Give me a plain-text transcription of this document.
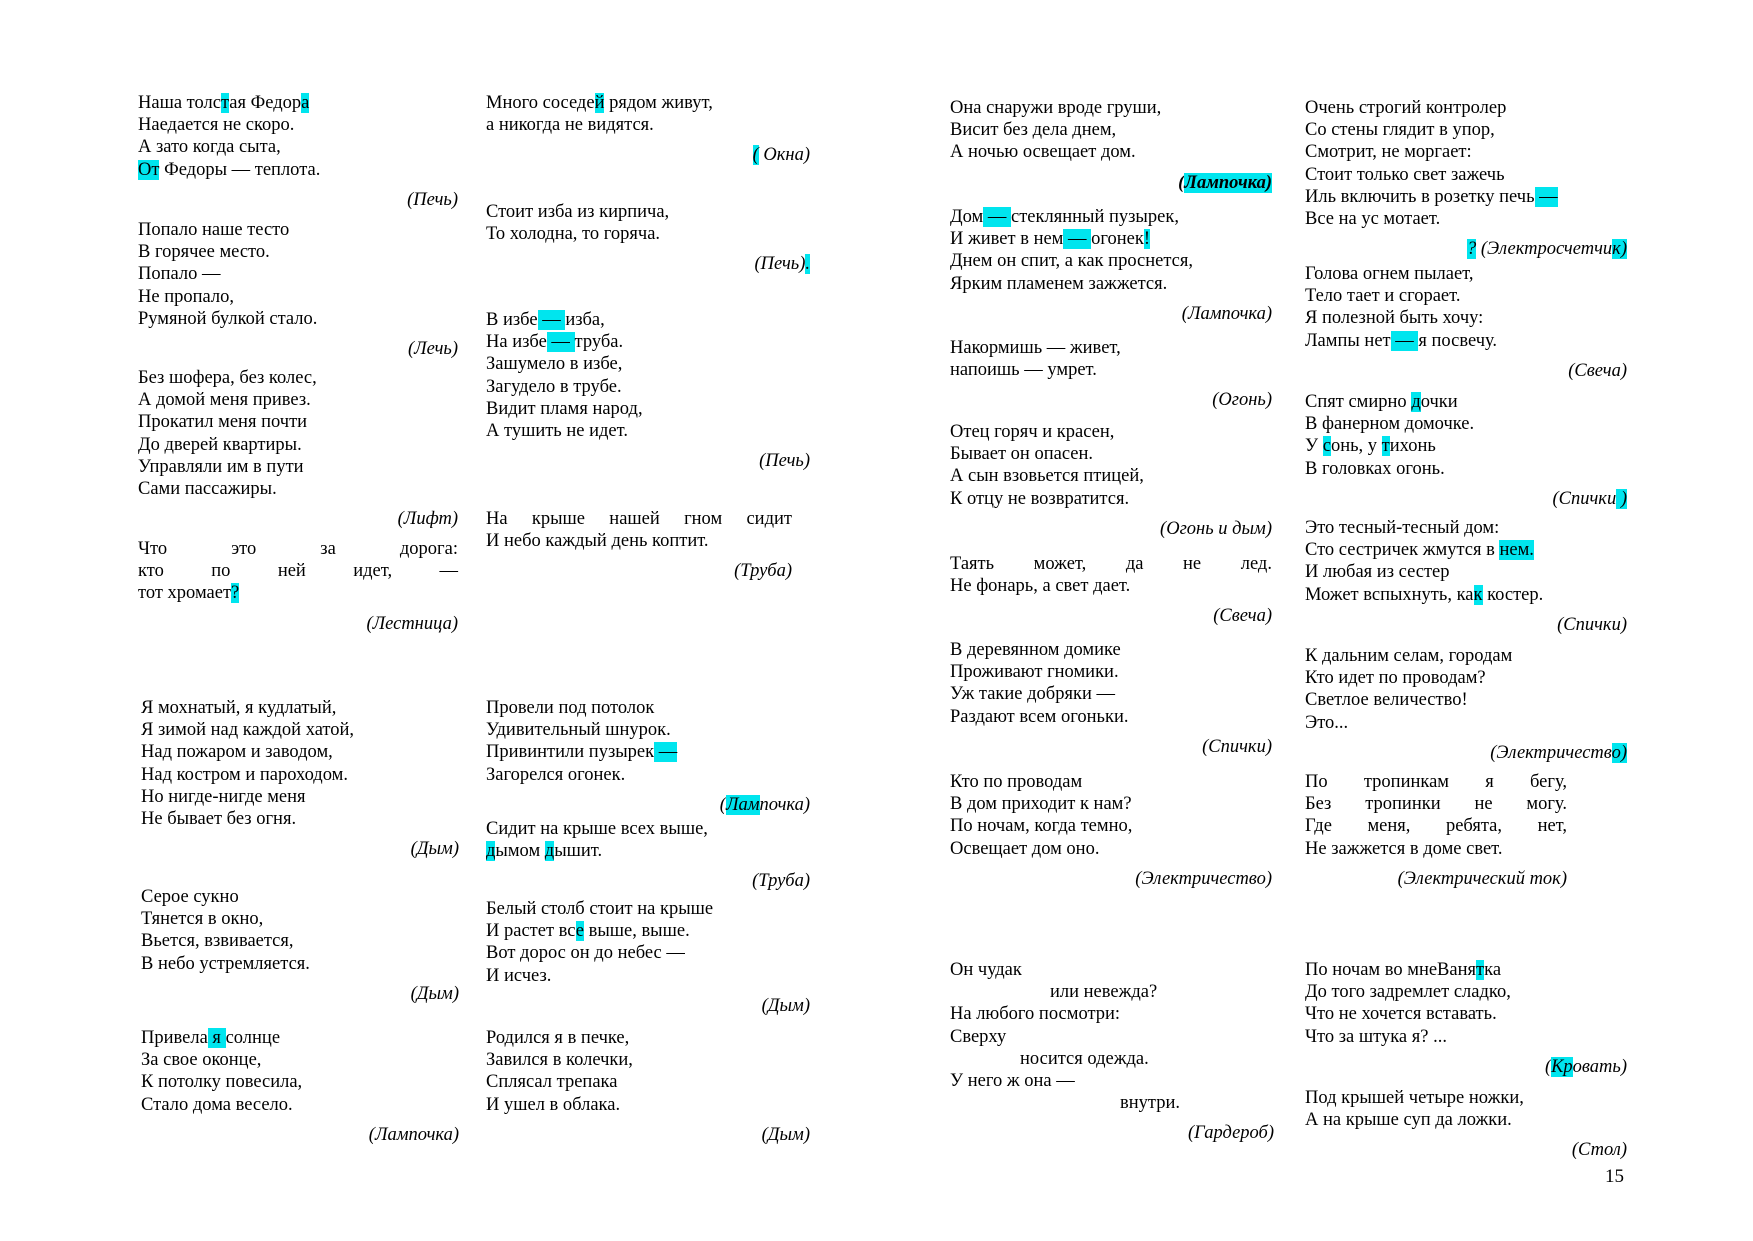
Наша толстая Федора
Наедается не скоро.
А зато когда сыта,
От Федоры — теплота.
(Печь)
Попало наше тесто
В горячее место.
Попало —
Не пропало,
Румяной булкой стало.
(Лечь)
Без шофера, без колес,
А домой меня привез.
Прокатил меня почти
До дверей квартиры.
Управляли им в пути
Сами пассажиры.
(Лифт)
Что	это	за	дорога:
кто	по	ней	идет,	—
тот хромает?
(Лестница)
Много соседей рядом живут,
а никогда не видятся.
( Окна)
Стоит изба из кирпича,
То холодна, то горяча.
(Печь).
В избе — изба,
На избе — труба.
Зашумело в избе,
Загудело в трубе.
Видит пламя народ,
А тушить не идет.
(Печь)
На крыше нашей гном сидит
И небо каждый день коптит.
(Труба)
Я мохнатый, я кудлатый,
Я зимой над каждой хатой,
Над пожаром и заводом,
Над костром и пароходом.
Но нигде-нигде меня
Не бывает без огня.
(Дым)
Серое сукно
Тянется в окно,
Вьется, взвивается,
В небо устремляется.
(Дым)
Привела я солнце
За свое оконце,
К потолку повесила,
Стало дома весело.
(Лампочка)
Провели под потолок
Удивительный шнурок.
Привинтили пузырек —
Загорелся огонек.
(Лампочка)
Сидит на крыше всех выше,
дымом дышит.
(Труба)
Белый столб стоит на крыше
И растет все выше, выше.
Вот дорос он до небес —
И исчез.
(Дым)
Родился я в печке,
Завился в колечки,
Сплясал трепака
И ушел в облака.
(Дым)
Она снаружи вроде груши,
Висит без дела днем,
А ночью освещает дом.
(Лампочка)
Дом — стеклянный пузырек,
И живет в нем — огонек!
Днем он спит, а как проснется,
Ярким пламенем зажжется.
(Лампочка)
Накормишь — живет,
напоишь — умрет.
(Огонь)
Отец горяч и красен,
Бывает он опасен.
А сын взовьется птицей,
К отцу не возвратится.
(Огонь и дым)
Таять может, да не лед.
Не фонарь, а свет дает.
(Свеча)
В деревянном домике
Проживают гномики.
Уж такие добряки —
Раздают всем огоньки.
(Спички)
Кто по проводам
В дом приходит к нам?
По ночам, когда темно,
Освещает дом оно.
(Электричество)
Он чудак
или невежда?
На любого посмотри:
Сверху
носится одежда.
У него ж она —
внутри.
(Гардероб)
Очень строгий контролер
Со стены глядит в упор,
Смотрит, не моргает:
Стоит только свет зажечь
Иль включить в розетку печь —
Все на ус мотает.
? (Электросчетчик)
Голова огнем пылает,
Тело тает и сгорает.
Я полезной быть хочу:
Лампы нет — я посвечу.
(Свеча)
Спят смирно дочки
В фанерном домочке.
У сонь, у тихонь
В головках огонь.
(Спички )
Это тесный-тесный дом:
Сто сестричек жмутся в нем.
И любая из сестер
Может вспыхнуть, как костер.
(Спички)
К дальним селам, городам
Кто идет по проводам?
Светлое величество!
Это...
(Электричество)
По тропинкам я бегу,
Без тропинки не могу.
Где меня, ребята, нет,
Не зажжется в доме свет.
(Электрический ток)
По ночам во мнеВанятка
До того задремлет сладко,
Что не хочется вставать.
Что за штука я? ...
(Кровать)
Под крышей четыре ножки,
А на крыше суп да ложки.
(Стол)
15
